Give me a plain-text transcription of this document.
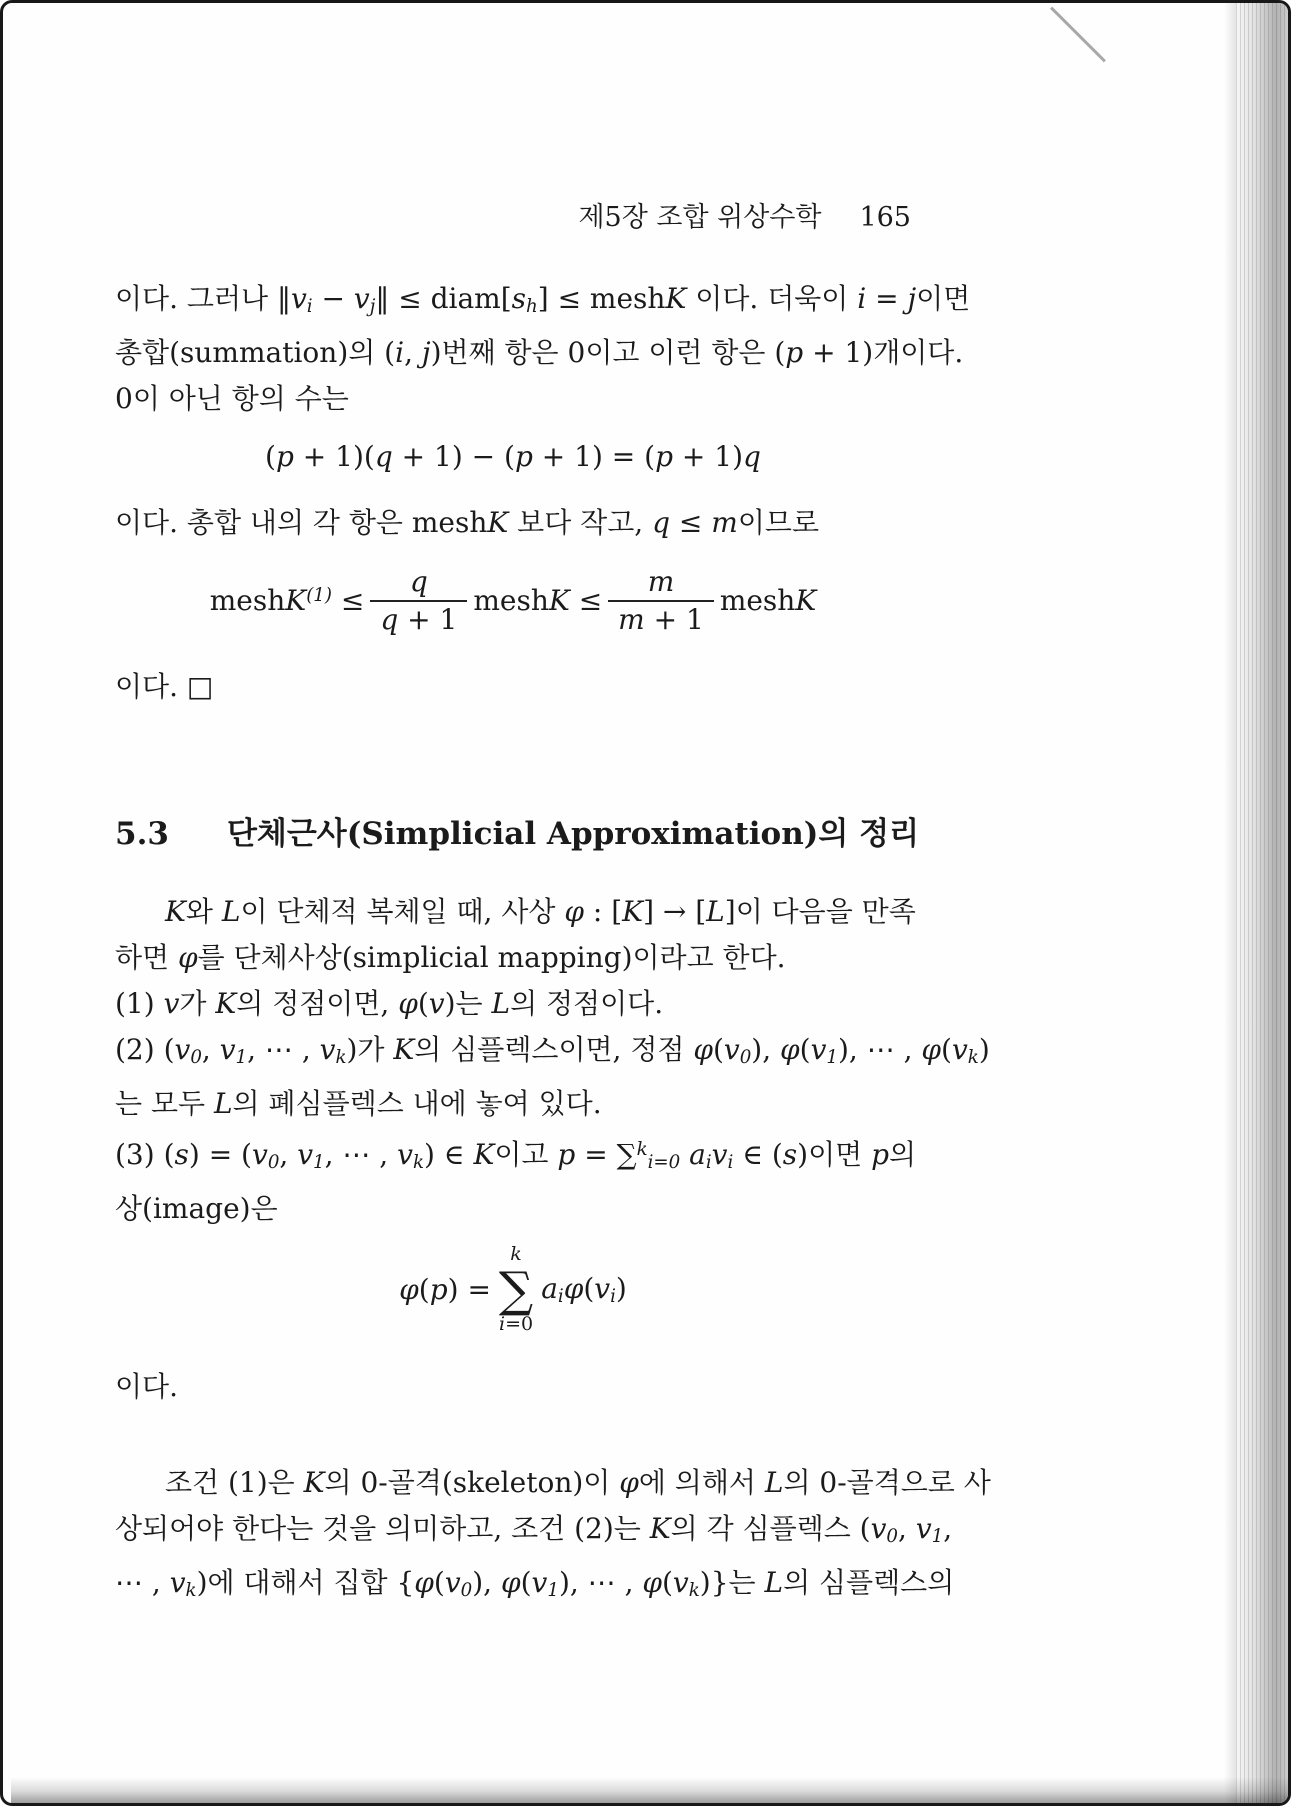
제5장 조합 위상수학 165

이다. 그러나 ‖vi − vj‖ ≤ diam[sh] ≤ meshK 이다. 더욱이 i = j이면

총합(summation)의 (i, j)번째 항은 0이고 이런 항은 (p + 1)개이다.

0이 아닌 항의 수는

(p + 1)(q + 1) − (p + 1) = (p + 1)q

이다. 총합 내의 각 항은 meshK 보다 작고, q ≤ m이므로

meshK$^{(1)}$ ≤ $\frac{q}{q + 1}$ meshK ≤ $\frac{m}{m + 1}$ meshK

이다. □

5.3 단체근사(Simplicial Approximation)의 정리

K와 L이 단체적 복체일 때, 사상 φ : [K] → [L]이 다음을 만족

하면 φ를 단체사상(simplicial mapping)이라고 한다.

(1) v가 K의 정점이면, φ(v)는 L의 정점이다.

(2) (v0, v1, ⋯ , vk)가 K의 심플렉스이면, 정점 φ(v0), φ(v1), ⋯ , φ(vk)

는 모두 L의 폐심플렉스 내에 놓여 있다.

(3) (s) = (v0, v1, ⋯ , vk) ∈ K이고 p = ∑$^k$i=0 aivi ∈ (s)이면 p의

상(image)은

φ(p) =
k
∑
i=0
aiφ(vi)

이다.

조건 (1)은 K의 0-골격(skeleton)이 φ에 의해서 L의 0-골격으로 사

상되어야 한다는 것을 의미하고, 조건 (2)는 K의 각 심플렉스 (v0, v1,

⋯ , vk)에 대해서 집합 {φ(v0), φ(v1), ⋯ , φ(vk)}는 L의 심플렉스의
